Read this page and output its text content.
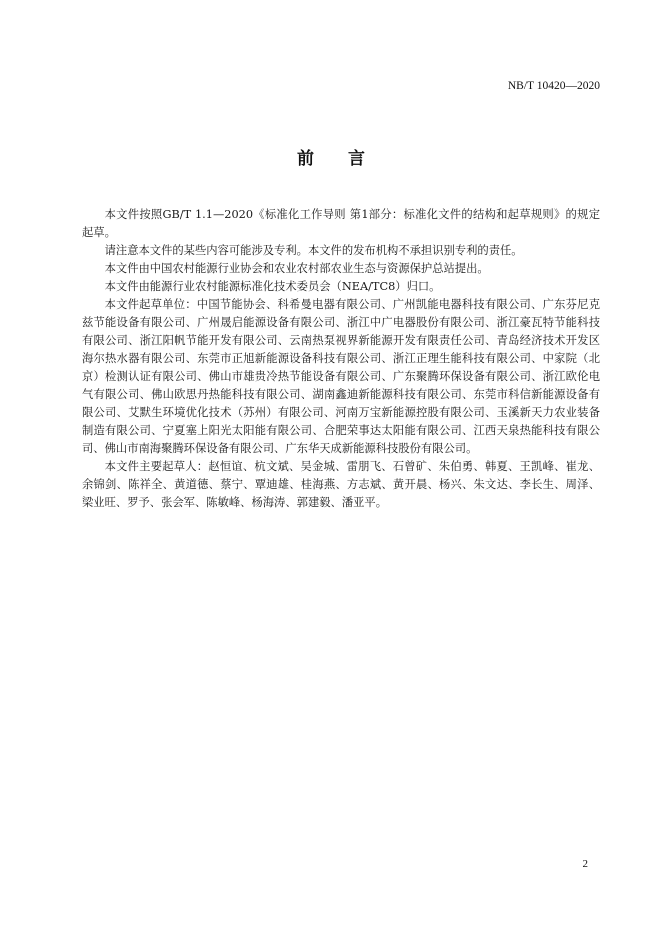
NB/T 10420—2020
前 言

本文件按照GB/T 1.1—2020《标准化工作导则 第1部分：标准化文件的结构和起草规则》的规定起草。

请注意本文件的某些内容可能涉及专利。本文件的发布机构不承担识别专利的责任。

本文件由中国农村能源行业协会和农业农村部农业生态与资源保护总站提出。

本文件由能源行业农村能源标准化技术委员会（NEA/TC8）归口。

本文件起草单位：中国节能协会、科希曼电器有限公司、广州凯能电器科技有限公司、广东芬尼克兹节能设备有限公司、广州晟启能源设备有限公司、浙江中广电器股份有限公司、浙江豪瓦特节能科技有限公司、浙江阳帆节能开发有限公司、云南热泵视界新能源开发有限责任公司、青岛经济技术开发区海尔热水器有限公司、东莞市正旭新能源设备科技有限公司、浙江正理生能科技有限公司、中家院（北京）检测认证有限公司、佛山市雄贵冷热节能设备有限公司、广东聚腾环保设备有限公司、浙江欧伦电气有限公司、佛山欧思丹热能科技有限公司、湖南鑫迪新能源科技有限公司、东莞市科信新能源设备有限公司、艾默生环境优化技术（苏州）有限公司、河南万宝新能源控股有限公司、玉溪新天力农业装备制造有限公司、宁夏塞上阳光太阳能有限公司、合肥荣事达太阳能有限公司、江西天泉热能科技有限公司、佛山市南海聚腾环保设备有限公司、广东华天成新能源科技股份有限公司。

本文件主要起草人：赵恒谊、杭文斌、吴金城、雷朋飞、石曾矿、朱伯勇、韩夏、王凯峰、崔龙、余锦剑、陈祥全、黄道德、蔡宁、覃迪雄、桂海燕、方志斌、黄开晨、杨兴、朱文达、李长生、周泽、梁业旺、罗予、张会军、陈敏峰、杨海涛、郭建毅、潘亚平。

2
